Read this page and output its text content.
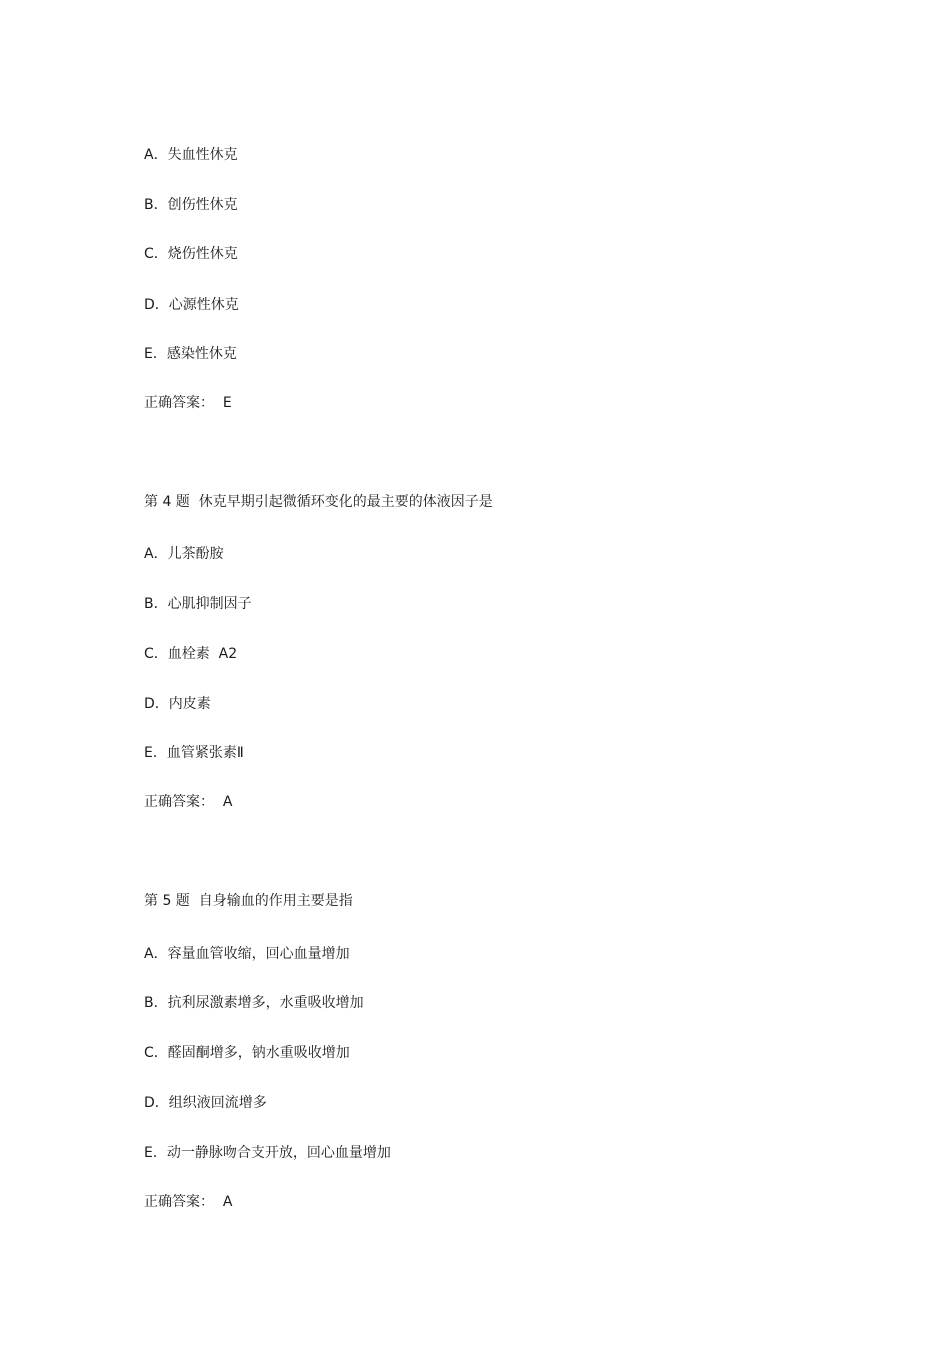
A．失血性休克
B．创伤性休克
C．烧伤性休克
D．心源性休克
E．感染性休克
正确答案：  E
第 4 题  休克早期引起微循环变化的最主要的体液因子是
A．儿茶酚胺
B．心肌抑制因子
C．血栓素  A2
D．内皮素
E．血管紧张素Ⅱ
正确答案：  A
第 5 题  自身输血的作用主要是指
A．容量血管收缩，回心血量增加
B．抗利尿激素增多，水重吸收增加
C．醛固酮增多，钠水重吸收增加
D．组织液回流增多
E．动一静脉吻合支开放，回心血量增加
正确答案：  A
